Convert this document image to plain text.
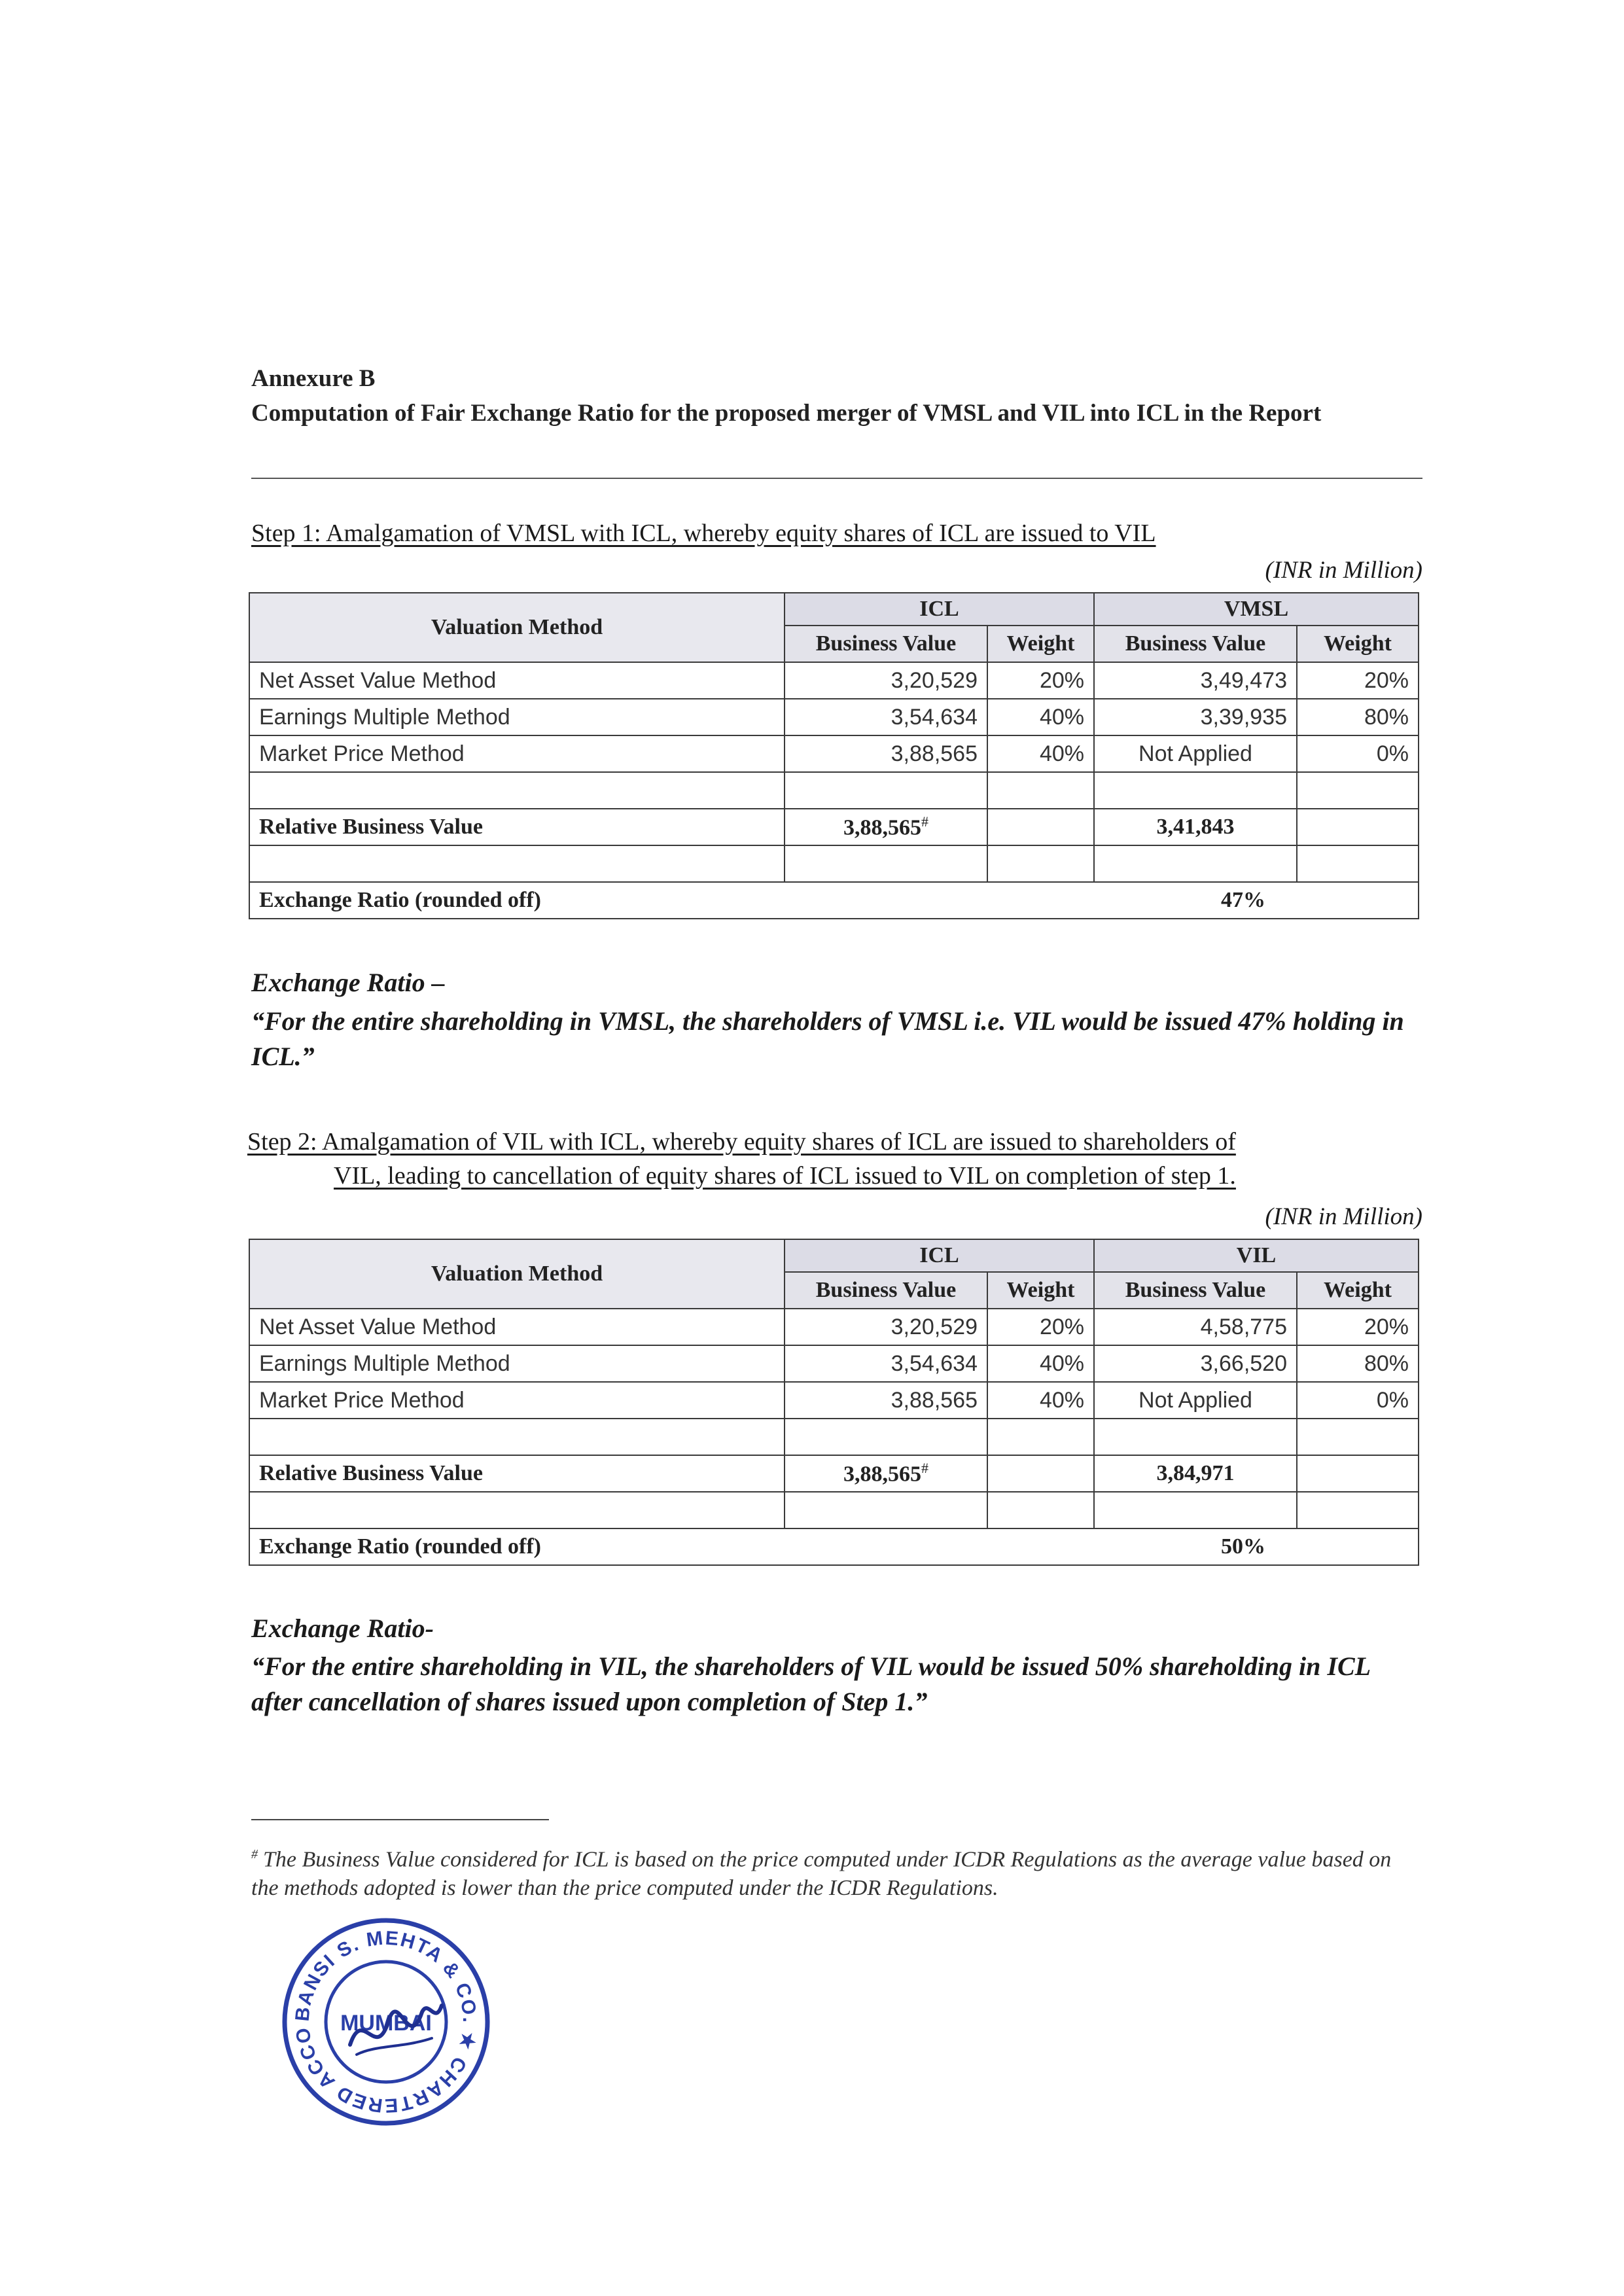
Annexure B
Computation of Fair Exchange Ratio for the proposed merger of VMSL and VIL into ICL in the Report
Step 1: Amalgamation of VMSL with ICL, whereby equity shares of ICL are issued to VIL
(INR in Million)
Valuation Method	ICL		VMSL	
	Business Value	Weight	Business Value	Weight
Net Asset Value Method	3,20,529	20%	3,49,473	20%
Earnings Multiple Method	3,54,634	40%	3,39,935	80%
Market Price Method	3,88,565	40%	Not Applied	0%

Relative Business Value	3,88,565#		3,41,843	

Exchange Ratio (rounded off) 47%				
Exchange Ratio –
“For the entire shareholding in VMSL, the shareholders of VMSL i.e. VIL would be issued 47% holding in ICL.”
Step 2: Amalgamation of VIL with ICL, whereby equity shares of ICL are issued to shareholders of
VIL, leading to cancellation of equity shares of ICL issued to VIL on completion of step 1.
(INR in Million)
Valuation Method	ICL		VIL	
	Business Value	Weight	Business Value	Weight
Net Asset Value Method	3,20,529	20%	4,58,775	20%
Earnings Multiple Method	3,54,634	40%	3,66,520	80%
Market Price Method	3,88,565	40%	Not Applied	0%

Relative Business Value	3,88,565#		3,84,971	

Exchange Ratio (rounded off) 50%				
Exchange Ratio-
“For the entire shareholding in VIL, the shareholders of VIL would be issued 50% shareholding in ICL after cancellation of shares issued upon completion of Step 1.”
# The Business Value considered for ICL is based on the price computed under ICDR Regulations as the average value based on the methods adopted is lower than the price computed under the ICDR Regulations.
BANSI S. MEHTA & CO. ★ CHARTERED ACCO	MUMBAI
